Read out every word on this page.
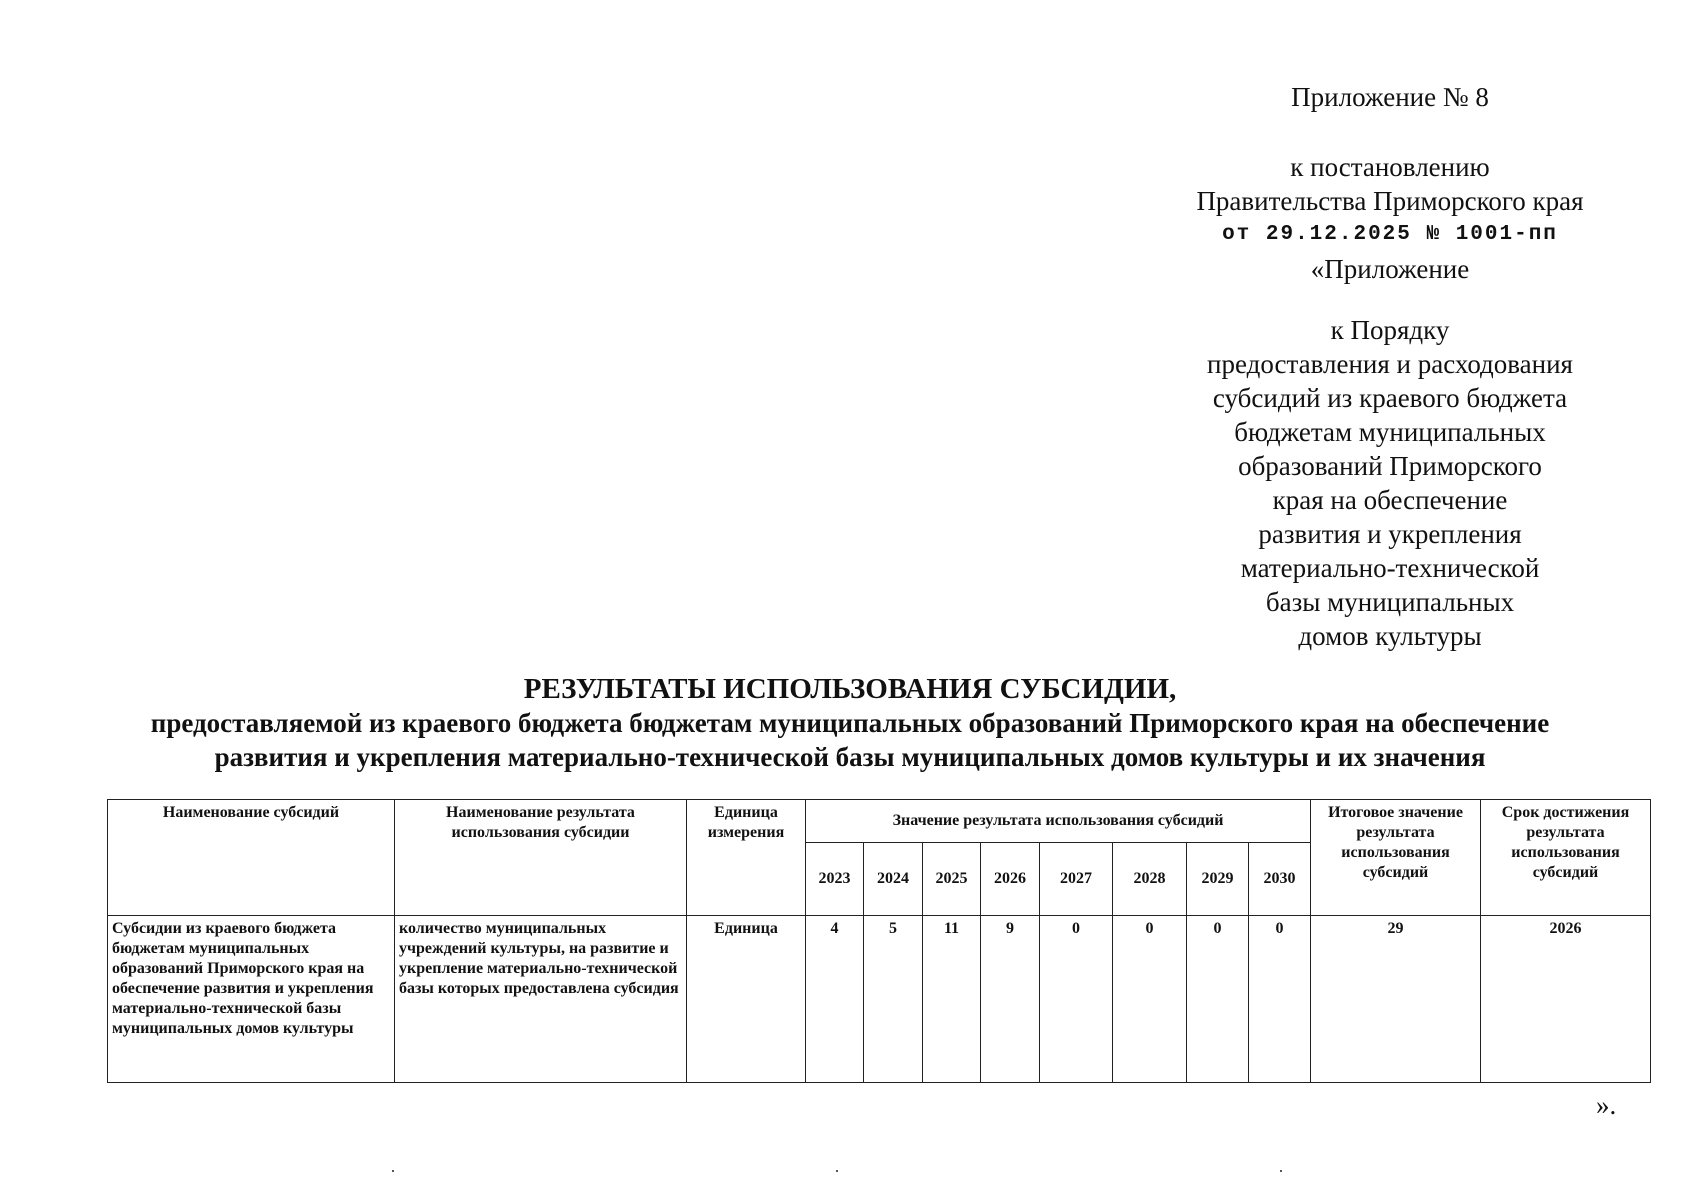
Приложение № 8
к постановлению
Правительства Приморского края
от 29.12.2025 № 1001-пп
«Приложение
к Порядку
предоставления и расходования
субсидий из краевого бюджета
бюджетам муниципальных
образований Приморского
края на обеспечение
развития и укрепления
материально-технической
базы муниципальных
домов культуры
РЕЗУЛЬТАТЫ ИСПОЛЬЗОВАНИЯ СУБСИДИИ,
предоставляемой из краевого бюджета бюджетам муниципальных образований Приморского края на обеспечение
развития и укрепления материально-технической базы муниципальных домов культуры и их значения
Наименование субсидий	Наименование результата использования субсидии	Единица измерения	Значение результата использования субсидий								Итоговое значение результата использования субсидий	Срок достижения результата использования субсидий
			2023	2024	2025	2026	2027	2028	2029	2030		
Субсидии из краевого бюджета бюджетам муниципальных образований Приморского края на обеспечение развития и укрепления материально-технической базы муниципальных домов культуры	количество муниципальных учреждений культуры, на развитие и укрепление материально-технической базы которых предоставлена субсидия	Единица	4	5	11	9	0	0	0	0	29	2026
».
